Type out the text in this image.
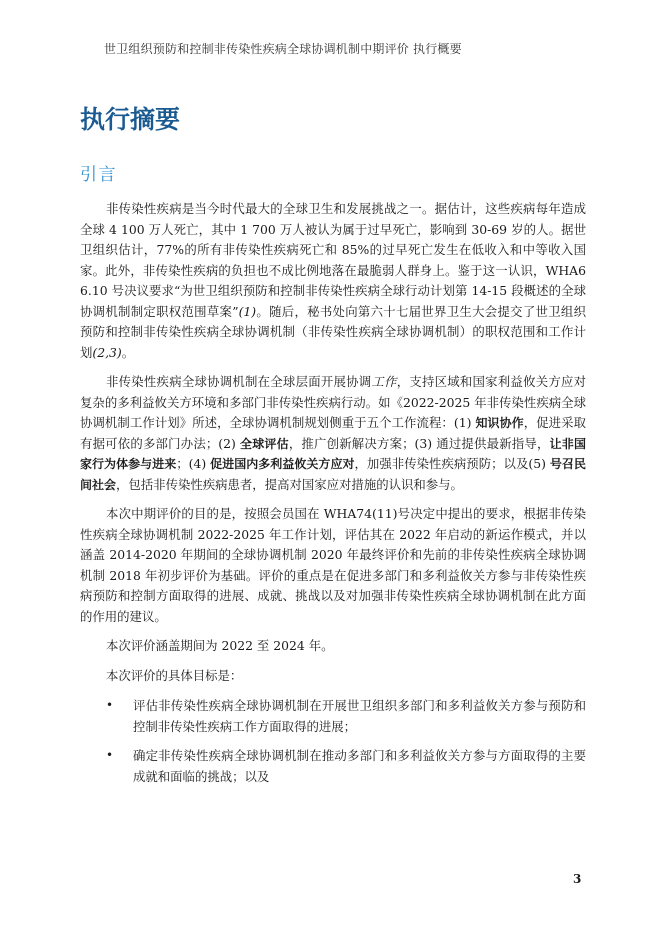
世卫组织预防和控制非传染性疾病全球协调机制中期评价 执行概要
执行摘要
引言

非传染性疾病是当今时代最大的全球卫生和发展挑战之一。据估计，这些疾病每年造成全球 4 100 万人死亡，其中 1 700 万人被认为属于过早死亡，影响到 30-69 岁的人。据世卫组织估计，77%的所有非传染性疾病死亡和 85%的过早死亡发生在低收入和中等收入国家。此外，非传染性疾病的负担也不成比例地落在最脆弱人群身上。鉴于这一认识，WHA66.10 号决议要求“为世卫组织预防和控制非传染性疾病全球行动计划第 14-15 段概述的全球协调机制制定职权范围草案”(1)。随后，秘书处向第六十七届世界卫生大会提交了世卫组织预防和控制非传染性疾病全球协调机制（非传染性疾病全球协调机制）的职权范围和工作计划(2,3)。

非传染性疾病全球协调机制在全球层面开展协调工作，支持区域和国家利益攸关方应对复杂的多利益攸关方环境和多部门非传染性疾病行动。如《2022-2025 年非传染性疾病全球协调机制工作计划》所述，全球协调机制规划侧重于五个工作流程：(1) 知识协作，促进采取有据可依的多部门办法；(2) 全球评估，推广创新解决方案；(3) 通过提供最新指导，让非国家行为体参与进来；(4) 促进国内多利益攸关方应对，加强非传染性疾病预防；以及(5) 号召民间社会，包括非传染性疾病患者，提高对国家应对措施的认识和参与。

本次中期评价的目的是，按照会员国在 WHA74(11)号决定中提出的要求，根据非传染性疾病全球协调机制 2022-2025 年工作计划，评估其在 2022 年启动的新运作模式，并以涵盖 2014-2020 年期间的全球协调机制 2020 年最终评价和先前的非传染性疾病全球协调机制 2018 年初步评价为基础。评价的重点是在促进多部门和多利益攸关方参与非传染性疾病预防和控制方面取得的进展、成就、挑战以及对加强非传染性疾病全球协调机制在此方面的作用的建议。

本次评价涵盖期间为 2022 至 2024 年。

本次评价的具体目标是：

• 评估非传染性疾病全球协调机制在开展世卫组织多部门和多利益攸关方参与预防和控制非传染性疾病工作方面取得的进展；
• 确定非传染性疾病全球协调机制在推动多部门和多利益攸关方参与方面取得的主要成就和面临的挑战；以及
3
